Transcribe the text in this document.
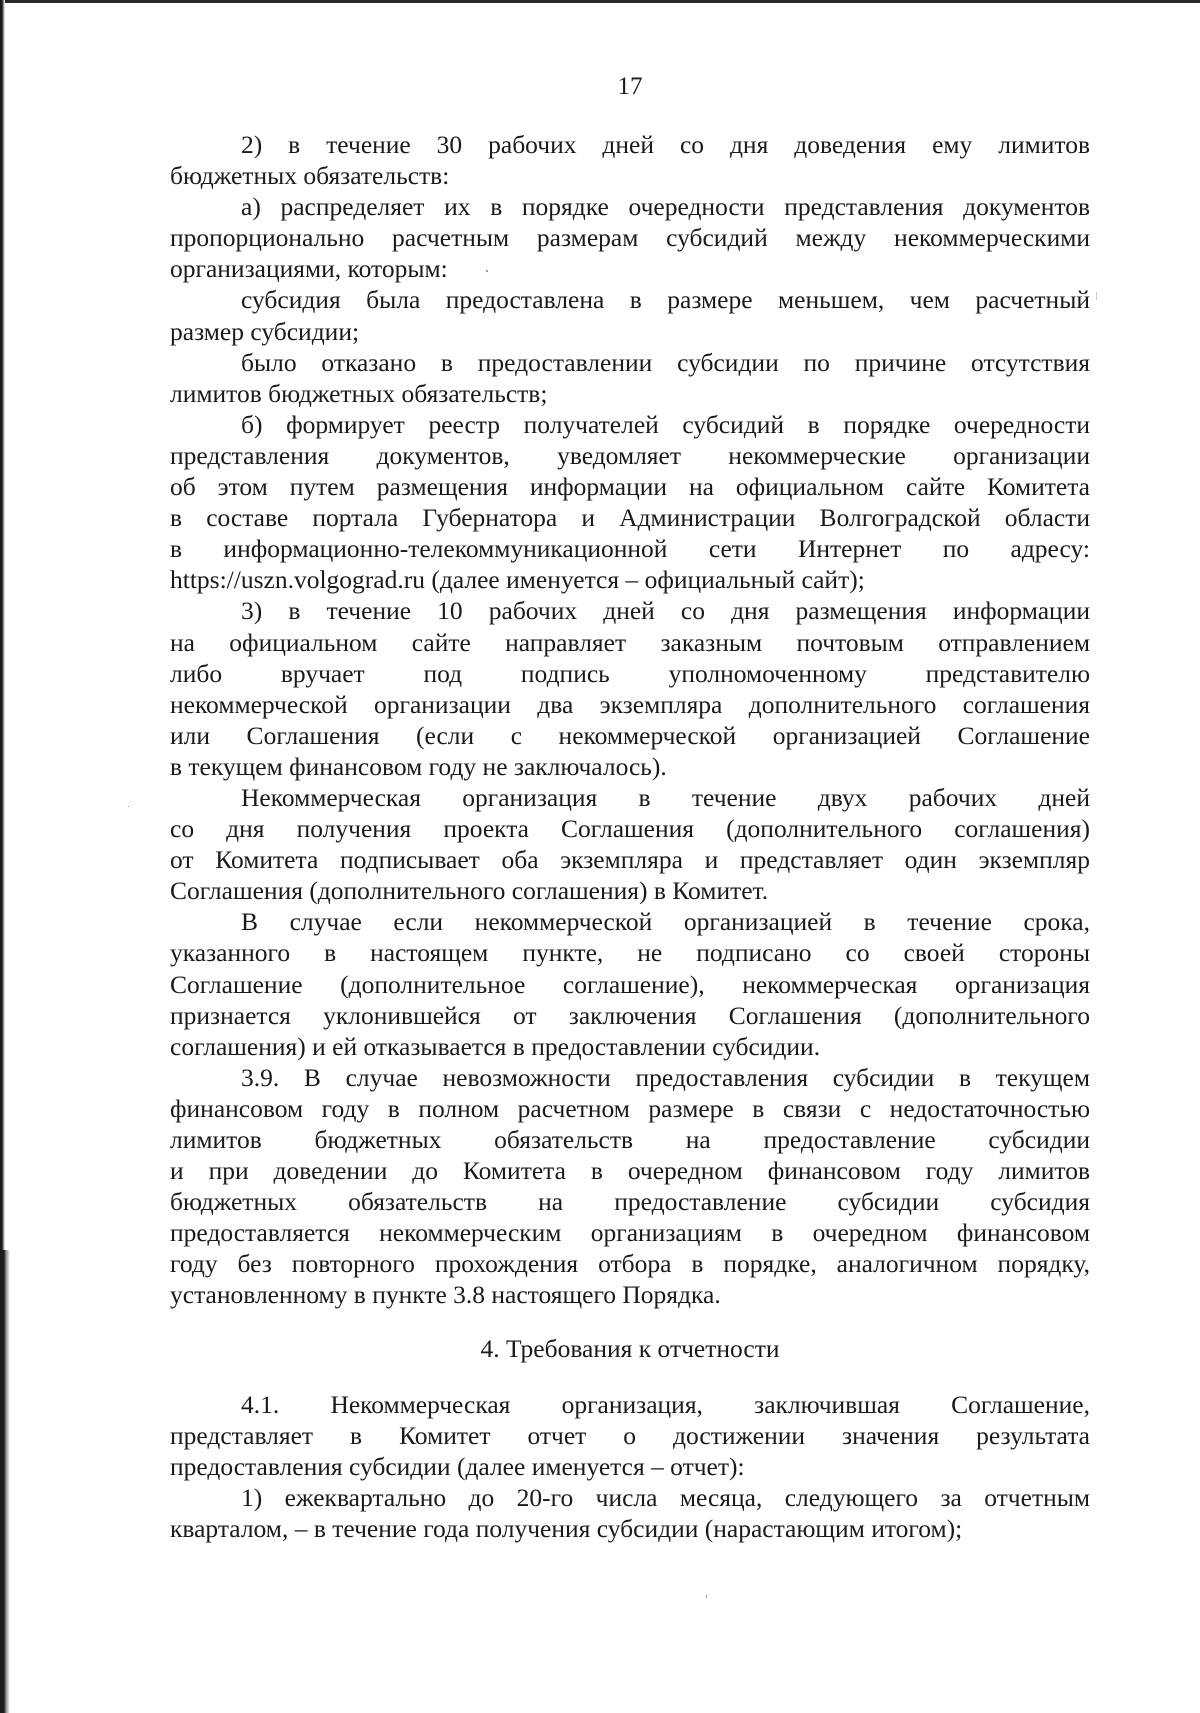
17
2) в течение 30 рабочих дней со дня доведения ему лимитов
бюджетных обязательств:
а) распределяет их в порядке очередности представления документов
пропорционально расчетным размерам субсидий между некоммерческими
организациями, которым:
субсидия была предоставлена в размере меньшем, чем расчетный
размер субсидии;
было отказано в предоставлении субсидии по причине отсутствия
лимитов бюджетных обязательств;
б) формирует реестр получателей субсидий в порядке очередности
представления документов, уведомляет некоммерческие организации
об этом путем размещения информации на официальном сайте Комитета
в составе портала Губернатора и Администрации Волгоградской области
в информационно-телекоммуникационной сети Интернет по адресу:
https://uszn.volgograd.ru (далее именуется – официальный сайт);
3) в течение 10 рабочих дней со дня размещения информации
на официальном сайте направляет заказным почтовым отправлением
либо вручает под подпись уполномоченному представителю
некоммерческой организации два экземпляра дополнительного соглашения
или Соглашения (если с некоммерческой организацией Соглашение
в текущем финансовом году не заключалось).
Некоммерческая организация в течение двух рабочих дней
со дня получения проекта Соглашения (дополнительного соглашения)
от Комитета подписывает оба экземпляра и представляет один экземпляр
Соглашения (дополнительного соглашения) в Комитет.
В случае если некоммерческой организацией в течение срока,
указанного в настоящем пункте, не подписано со своей стороны
Соглашение (дополнительное соглашение), некоммерческая организация
признается уклонившейся от заключения Соглашения (дополнительного
соглашения) и ей отказывается в предоставлении субсидии.
3.9. В случае невозможности предоставления субсидии в текущем
финансовом году в полном расчетном размере в связи с недостаточностью
лимитов бюджетных обязательств на предоставление субсидии
и при доведении до Комитета в очередном финансовом году лимитов
бюджетных обязательств на предоставление субсидии субсидия
предоставляется некоммерческим организациям в очередном финансовом
году без повторного прохождения отбора в порядке, аналогичном порядку,
установленному в пункте 3.8 настоящего Порядка.
4. Требования к отчетности
4.1. Некоммерческая организация, заключившая Соглашение,
представляет в Комитет отчет о достижении значения результата
предоставления субсидии (далее именуется – отчет):
1) ежеквартально до 20-го числа месяца, следующего за отчетным
кварталом, – в течение года получения субсидии (нарастающим итогом);
